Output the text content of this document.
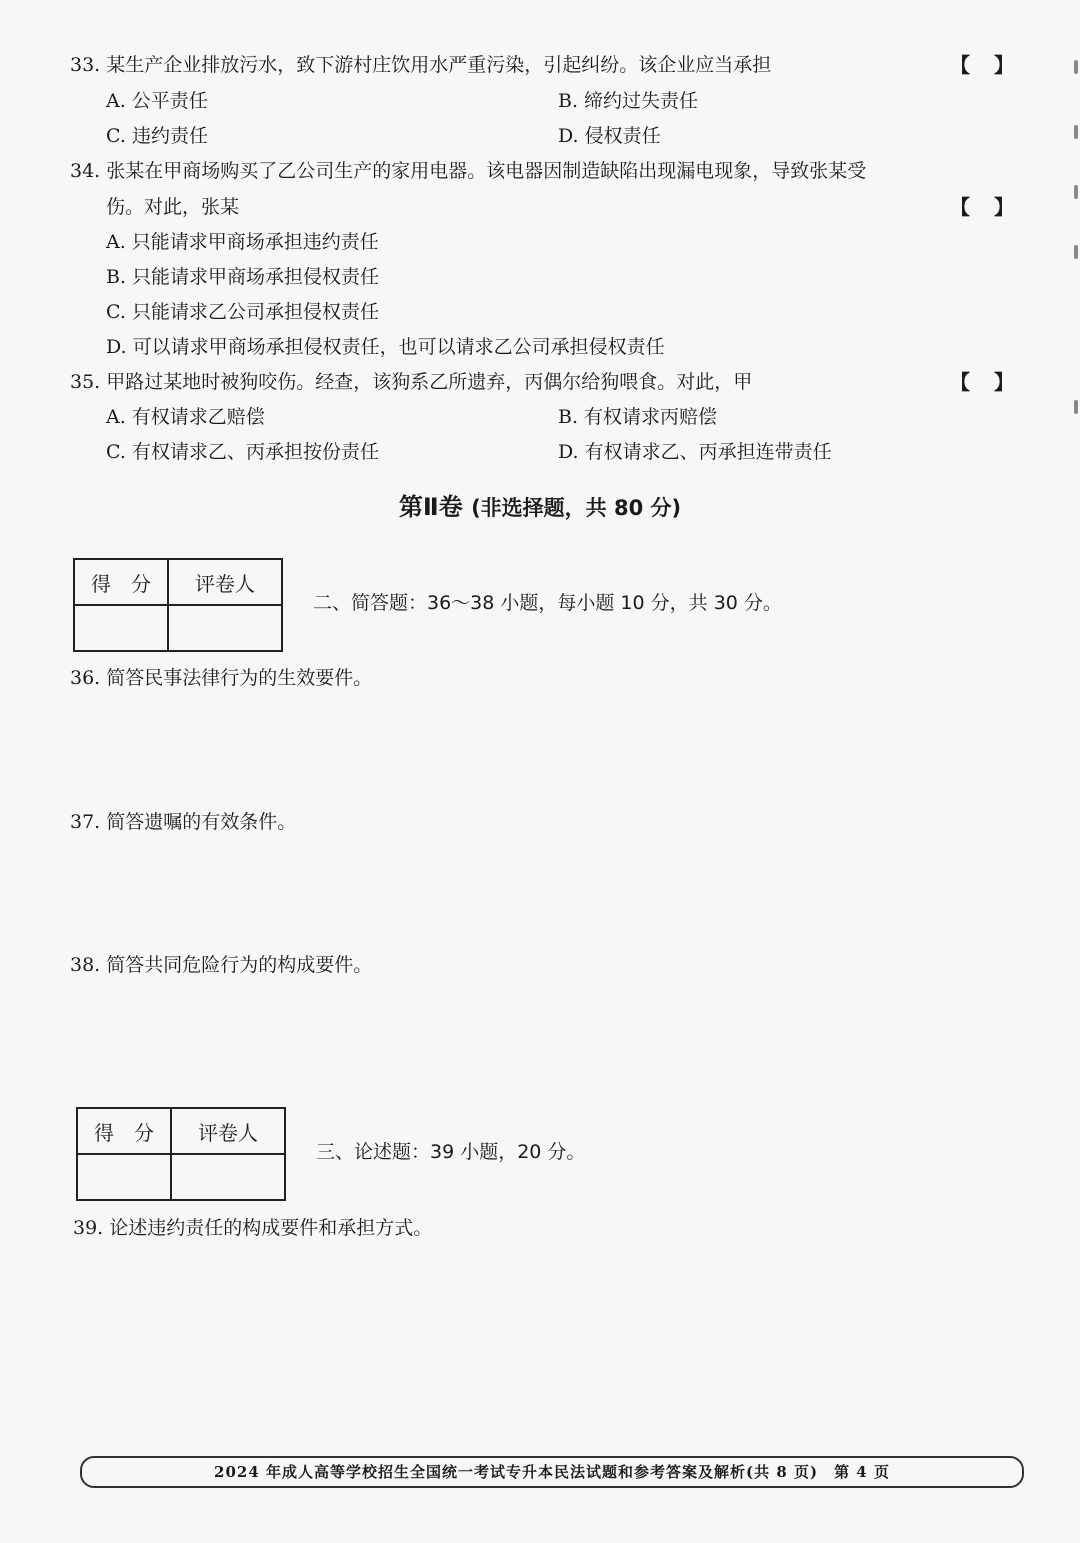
33. 某生产企业排放污水，致下游村庄饮用水严重污染，引起纠纷。该企业应当承担	【　】
A. 公平责任	B. 缔约过失责任
C. 违约责任	D. 侵权责任
34. 张某在甲商场购买了乙公司生产的家用电器。该电器因制造缺陷出现漏电现象，导致张某受
伤。对此，张某	【　】
A. 只能请求甲商场承担违约责任
B. 只能请求甲商场承担侵权责任
C. 只能请求乙公司承担侵权责任
D. 可以请求甲商场承担侵权责任，也可以请求乙公司承担侵权责任
35. 甲路过某地时被狗咬伤。经查，该狗系乙所遗弃，丙偶尔给狗喂食。对此，甲	【　】
A. 有权请求乙赔偿	B. 有权请求丙赔偿
C. 有权请求乙、丙承担按份责任	D. 有权请求乙、丙承担连带责任
第Ⅱ卷 (非选择题，共 80 分)
得　分	评卷人

二、简答题：36～38 小题，每小题 10 分，共 30 分。
36. 简答民事法律行为的生效要件。
37. 简答遗嘱的有效条件。
38. 简答共同危险行为的构成要件。
得　分	评卷人

三、论述题：39 小题，20 分。
39. 论述违约责任的构成要件和承担方式。
2024 年成人高等学校招生全国统一考试专升本民法试题和参考答案及解析(共 8 页)　第 4 页
